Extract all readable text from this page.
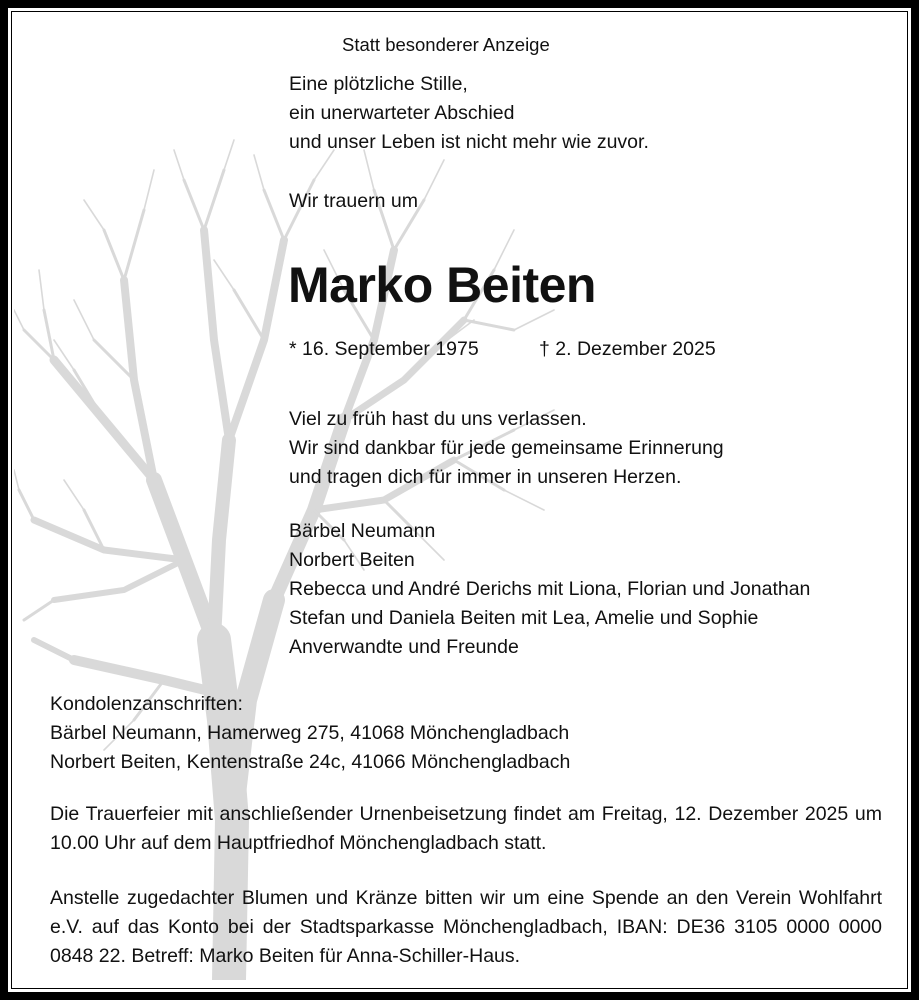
Statt besonderer Anzeige
Eine plötzliche Stille,
ein unerwarteter Abschied
und unser Leben ist nicht mehr wie zuvor.
Wir trauern um
Marko Beiten
* 16. September 1975	† 2. Dezember 2025
Viel zu früh hast du uns verlassen.
Wir sind dankbar für jede gemeinsame Erinnerung
und tragen dich für immer in unseren Herzen.
Bärbel Neumann
Norbert Beiten
Rebecca und André Derichs mit Liona, Florian und Jonathan
Stefan und Daniela Beiten mit Lea, Amelie und Sophie
Anverwandte und Freunde
Kondolenzanschriften:
Bärbel Neumann, Hamerweg 275, 41068 Mönchengladbach
Norbert Beiten, Kentenstraße 24c, 41066 Mönchengladbach
Die Trauerfeier mit anschließender Urnenbeisetzung findet am Freitag, 12. Dezember 2025 um 10.00 Uhr auf dem Hauptfriedhof Mönchengladbach statt.
Anstelle zugedachter Blumen und Kränze bitten wir um eine Spende an den Verein Wohlfahrt e.V. auf das Konto bei der Stadtsparkasse Mönchengladbach, IBAN: DE36 3105 0000 0000 0848 22. Betreff: Marko Beiten für Anna-Schiller-Haus.
